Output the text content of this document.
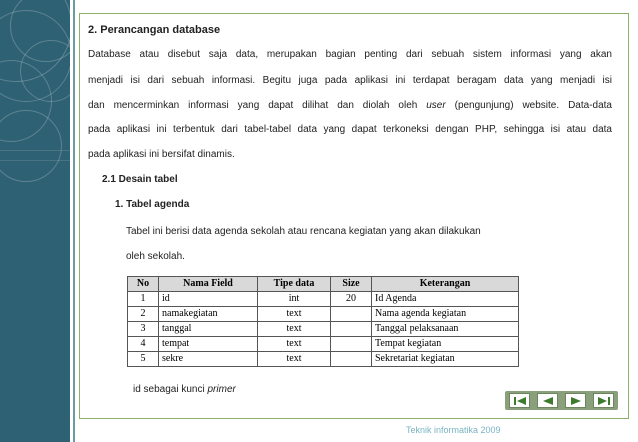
2. Perancangan database
Database atau disebut saja data, merupakan bagian penting dari sebuah sistem informasi yang akan
menjadi isi dari sebuah informasi. Begitu juga pada aplikasi ini terdapat beragam data yang menjadi isi
dan mencerminkan informasi yang dapat dilihat dan diolah oleh user (pengunjung) website. Data-data
pada aplikasi ini terbentuk dari tabel-tabel data yang dapat terkoneksi dengan PHP, sehingga isi atau data
pada aplikasi ini bersifat dinamis.
2.1 Desain tabel
1. Tabel agenda
Tabel ini berisi data agenda sekolah atau rencana kegiatan yang akan dilakukan
oleh sekolah.
No	Nama Field	Tipe data	Size	Keterangan
1	id	int	20	Id Agenda
2	namakegiatan	text		Nama agenda kegiatan
3	tanggal	text		Tanggal pelaksanaan
4	tempat	text		Tempat kegiatan
5	sekre	text		Sekretariat kegiatan
id sebagai kunci primer
Teknik informatika 2009
